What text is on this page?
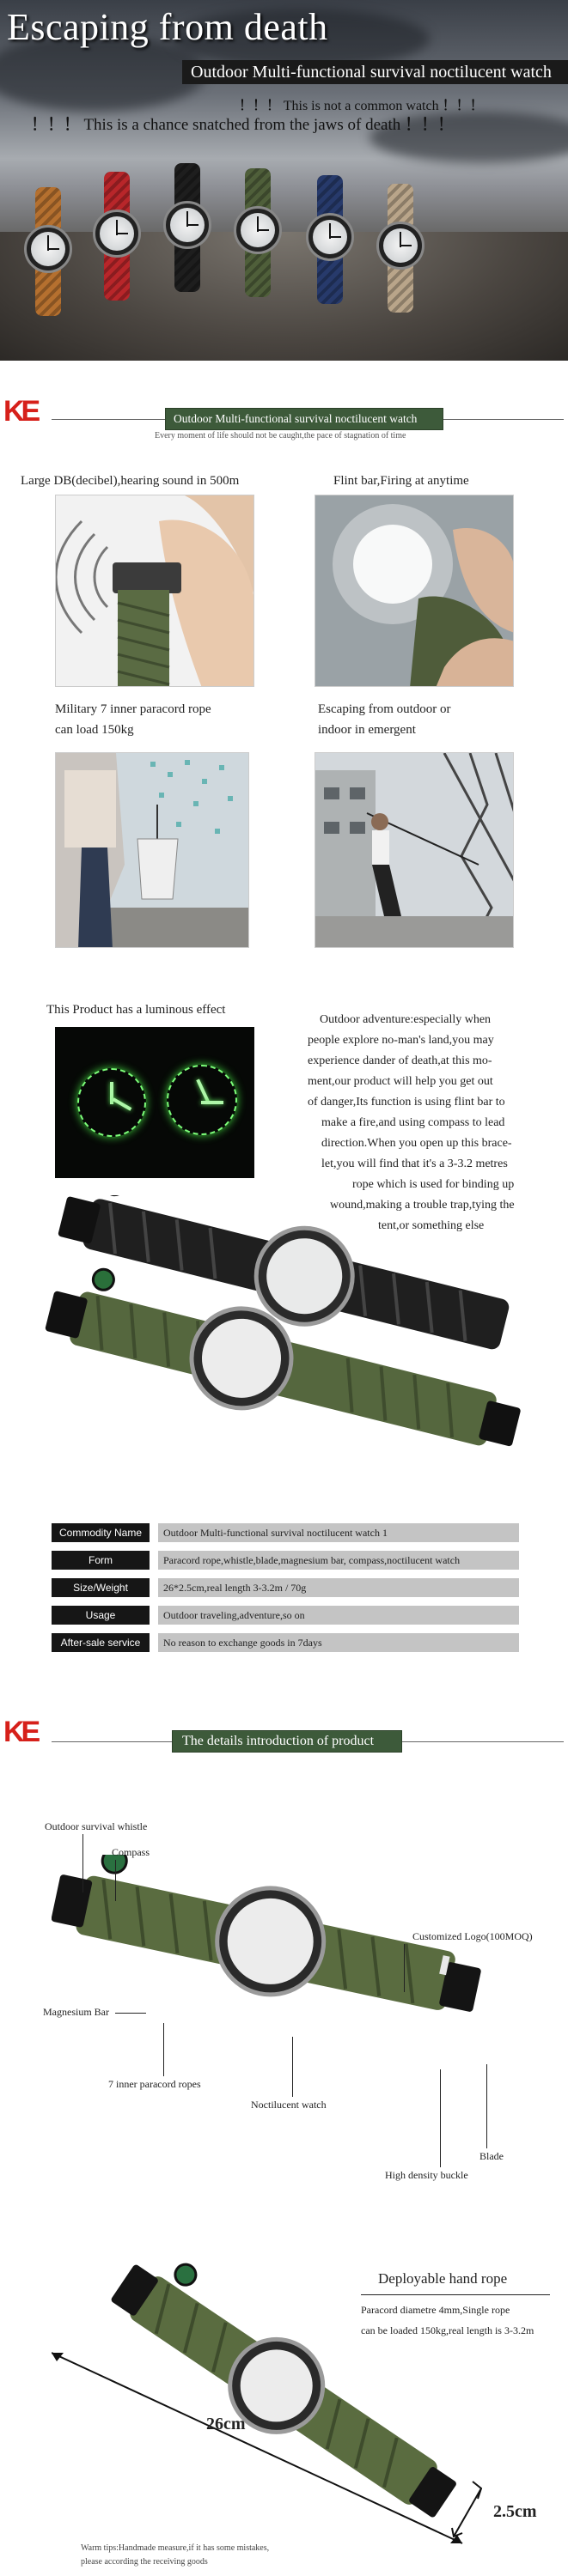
Escaping from death
Outdoor Multi-functional survival noctilucent watch
！！！ This is not a common watch ！！！
！！！ This is a chance snatched from the jaws of death ！！！
KE	Outdoor Multi-functional survival noctilucent watch
Every moment of life should not be caught,the pace of stagnation of time
Large DB(decibel),hearing sound in 500m	Flint bar,Firing at anytime
Military 7 inner paracord rope
can load 150kg
Escaping from outdoor or
indoor in emergent
This Product has a luminous effect
Outdoor adventure:especially when
people explore no-man's land,you may
experience dander of death,at this mo-
ment,our product will help you get out
of danger,Its function is using flint bar to
make a fire,and using compass to lead
direction.When you open up this brace-
let,you will find that it's a 3-3.2 metres
rope which is used for binding up
wound,making a trouble trap,tying the
tent,or something else
Commodity Name	Outdoor Multi-functional survival noctilucent watch 1
Form	Paracord rope,whistle,blade,magnesium bar, compass,noctilucent watch
Size/Weight	26*2.5cm,real length 3-3.2m / 70g
Usage	Outdoor traveling,adventure,so on
After-sale service	No reason to exchange goods in 7days
KE	The details introduction of product
Outdoor survival whistle
Compass
Customized Logo(100MOQ)
Magnesium Bar
7 inner paracord ropes
Noctilucent watch
Blade
High density buckle
Deployable hand rope
Paracord diametre 4mm,Single rope
can be loaded 150kg,real length is 3-3.2m
26cm
2.5cm
Warm tips:Handmade measure,if it has some mistakes,
please according the receiving goods
